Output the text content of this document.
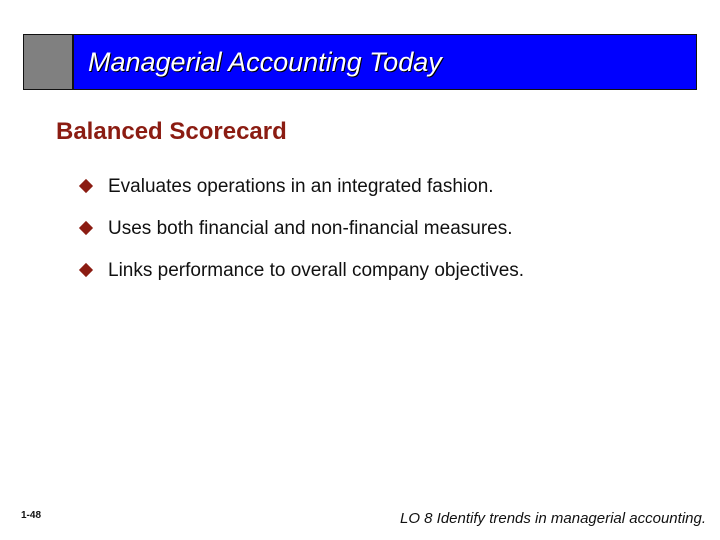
Managerial Accounting Today
Balanced Scorecard
Evaluates operations in an integrated fashion.
Uses both financial and non-financial measures.
Links performance to overall company objectives.
1-48	LO 8 Identify trends in managerial accounting.
